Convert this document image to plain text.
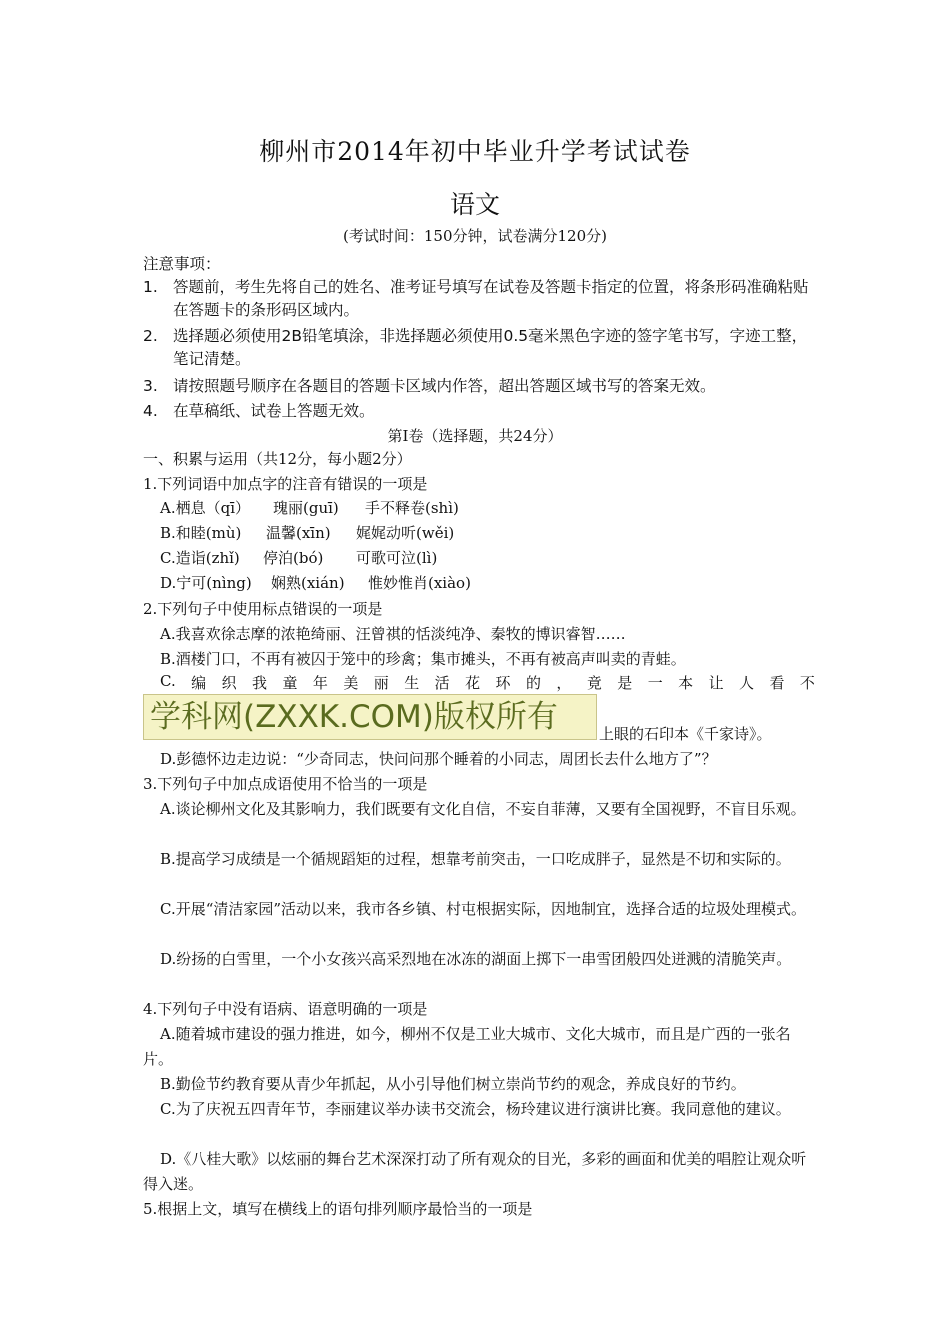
柳州市2014年初中毕业升学考试试卷
语文
(考试时间：150分钟，试卷满分120分)
注意事项：
1. 答题前，考生先将自己的姓名、准考证号填写在试卷及答题卡指定的位置，将条形码准确粘贴在答题卡的条形码区域内。
2. 选择题必须使用2B铅笔填涂，非选择题必须使用0.5毫米黑色字迹的签字笔书写，字迹工整，笔记清楚。
3. 请按照题号顺序在各题目的答题卡区域内作答，超出答题区域书写的答案无效。
4. 在草稿纸、试卷上答题无效。
第Ⅰ卷（选择题，共24分）
一、积累与运用（共12分，每小题2分）
1.下列词语中加点字的注音有错误的一项是
A.栖息（qī）	瑰丽(guī)	手不释卷(shì)
B.和睦(mù)	温馨(xīn)	娓娓动听(wěi)
C.造诣(zhǐ)	停泊(bó)	可歌可泣(lì)
D.宁可(nìng)	娴熟(xián)	惟妙惟肖(xiào)
2.下列句子中使用标点错误的一项是
A.我喜欢徐志摩的浓艳绮丽、汪曾祺的恬淡纯净、秦牧的博识睿智……
B.酒楼门口，不再有被囚于笼中的珍禽；集市摊头，不再有被高声叫卖的青蛙。
C. 编 织 我 童 年 美 丽 生 活 花 环 的 ， 竟 是 一 本 让 人 看 不
学科网(ZXXK.COM)版权所有	上眼的石印本《千家诗》。
D.彭德怀边走边说：“少奇同志，快问问那个睡着的小同志，周团长去什么地方了”？
3.下列句子中加点成语使用不恰当的一项是
A.谈论柳州文化及其影响力，我们既要有文化自信，不妄自菲薄，又要有全国视野，不盲目乐观。
B.提高学习成绩是一个循规蹈矩的过程，想靠考前突击，一口吃成胖子，显然是不切和实际的。
C.开展“清洁家园”活动以来，我市各乡镇、村屯根据实际，因地制宜，选择合适的垃圾处理模式。
D.纷扬的白雪里，一个小女孩兴高采烈地在冰冻的湖面上掷下一串雪团般四处迸溅的清脆笑声。
4.下列句子中没有语病、语意明确的一项是
A.随着城市建设的强力推进，如今，柳州不仅是工业大城市、文化大城市，而且是广西的一张名片。
B.勤俭节约教育要从青少年抓起，从小引导他们树立崇尚节约的观念，养成良好的节约。
C.为了庆祝五四青年节，李丽建议举办读书交流会，杨玲建议进行演讲比赛。我同意他的建议。
D.《八桂大歌》以炫丽的舞台艺术深深打动了所有观众的目光，多彩的画面和优美的唱腔让观众听得入迷。
5.根据上文，填写在横线上的语句排列顺序最恰当的一项是
